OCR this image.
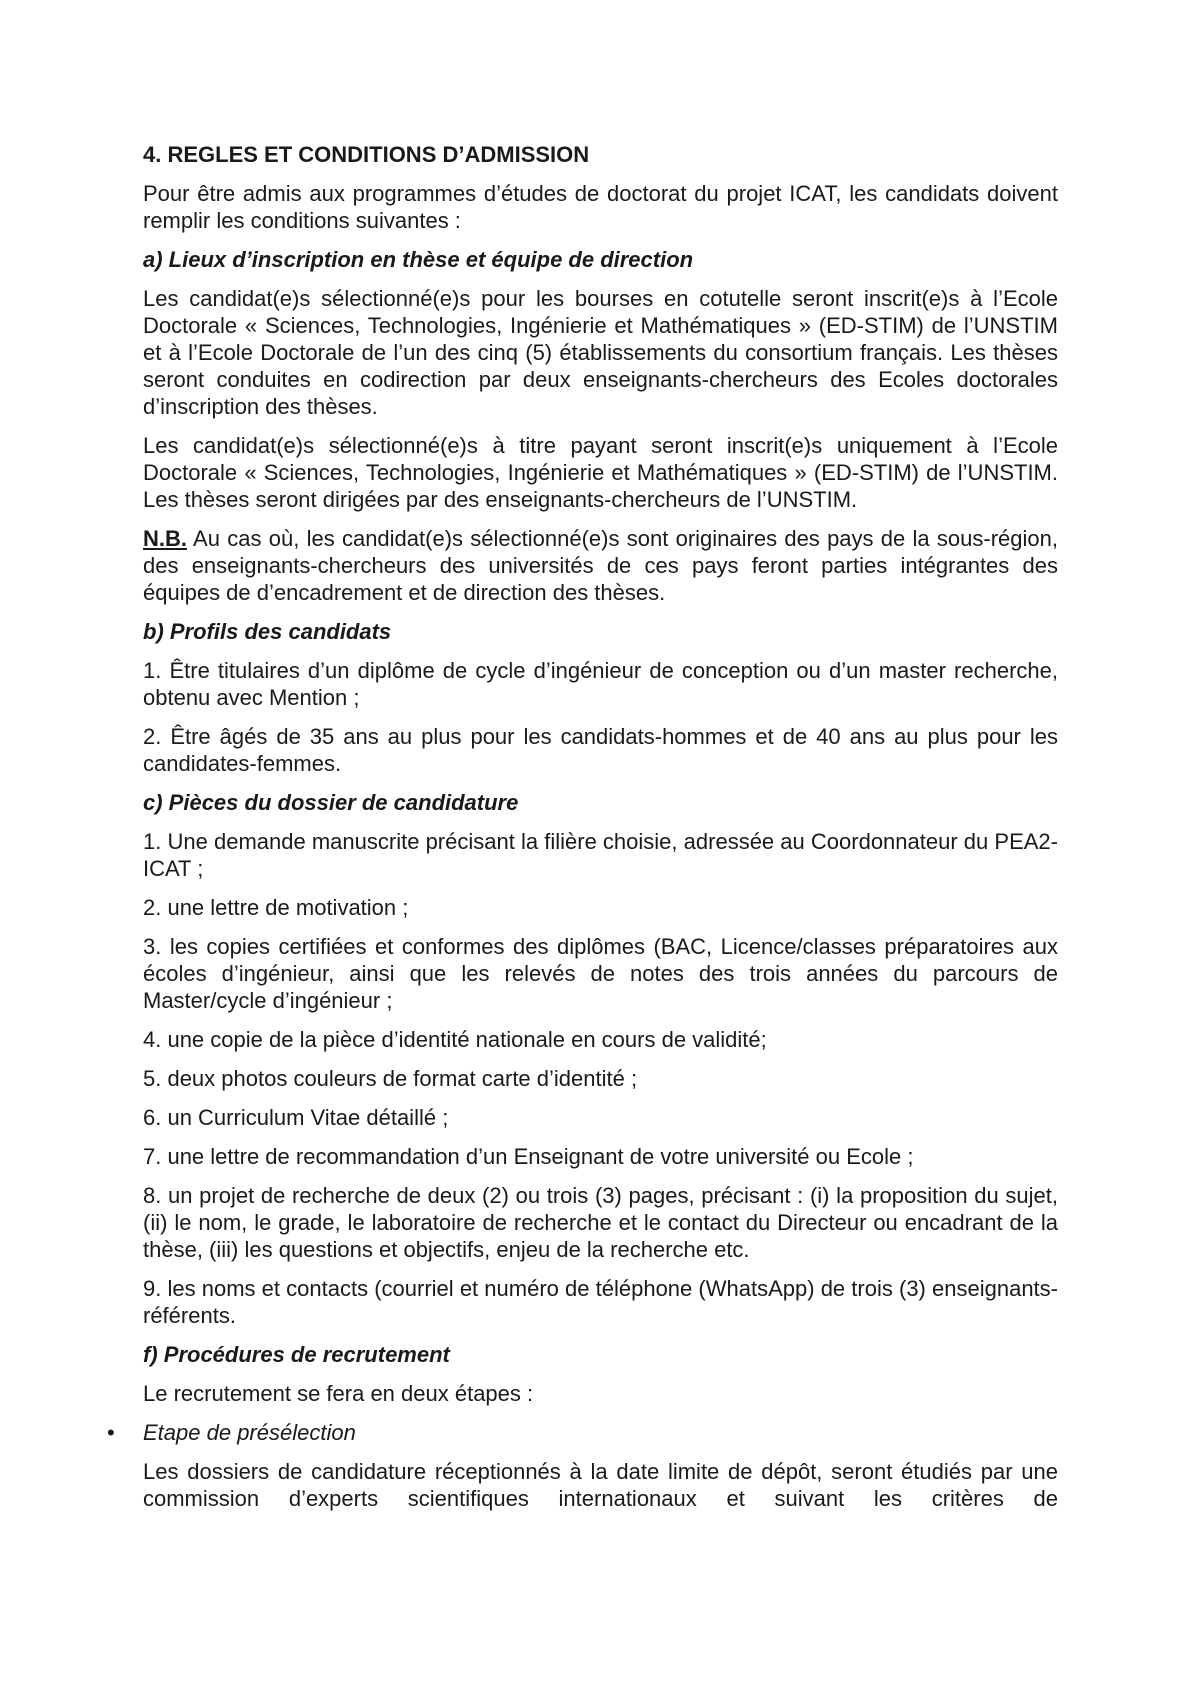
4. REGLES ET CONDITIONS D’ADMISSION

Pour être admis aux programmes d’études de doctorat du projet ICAT, les candidats doivent remplir les conditions suivantes :

a) Lieux d’inscription en thèse et équipe de direction

Les candidat(e)s sélectionné(e)s pour les bourses en cotutelle seront inscrit(e)s à l’Ecole Doctorale « Sciences, Technologies, Ingénierie et Mathématiques » (ED-STIM) de l’UNSTIM et à l’Ecole Doctorale de l’un des cinq (5) établissements du consortium français. Les thèses seront conduites en codirection par deux enseignants-chercheurs des Ecoles doctorales d’inscription des thèses.

Les candidat(e)s sélectionné(e)s à titre payant seront inscrit(e)s uniquement à l’Ecole Doctorale « Sciences, Technologies, Ingénierie et Mathématiques » (ED-STIM) de l’UNSTIM. Les thèses seront dirigées par des enseignants-chercheurs de l’UNSTIM.

N.B. Au cas où, les candidat(e)s sélectionné(e)s sont originaires des pays de la sous-région, des enseignants-chercheurs des universités de ces pays feront parties intégrantes des équipes de d’encadrement et de direction des thèses.

b) Profils des candidats

1. Être titulaires d’un diplôme de cycle d’ingénieur de conception ou d’un master recherche, obtenu avec Mention ;

2. Être âgés de 35 ans au plus pour les candidats-hommes et de 40 ans au plus pour les candidates-femmes.

c) Pièces du dossier de candidature

1. Une demande manuscrite précisant la filière choisie, adressée au Coordonnateur du PEA2-ICAT ;

2. une lettre de motivation ;

3. les copies certifiées et conformes des diplômes (BAC, Licence/classes préparatoires aux écoles d’ingénieur, ainsi que les relevés de notes des trois années du parcours de Master/cycle d’ingénieur ;

4. une copie de la pièce d’identité nationale en cours de validité;

5. deux photos couleurs de format carte d’identité ;

6. un Curriculum Vitae détaillé ;

7. une lettre de recommandation d’un Enseignant de votre université ou Ecole ;

8. un projet de recherche de deux (2) ou trois (3) pages, précisant : (i) la proposition du sujet, (ii) le nom, le grade, le laboratoire de recherche et le contact du Directeur ou encadrant de la thèse, (iii) les questions et objectifs, enjeu de la recherche etc.

9. les noms et contacts (courriel et numéro de téléphone (WhatsApp) de trois (3) enseignants-référents.

f) Procédures de recrutement

Le recrutement se fera en deux étapes :

• Etape de présélection

Les dossiers de candidature réceptionnés à la date limite de dépôt, seront étudiés par une commission d’experts scientifiques internationaux et suivant les critères de
